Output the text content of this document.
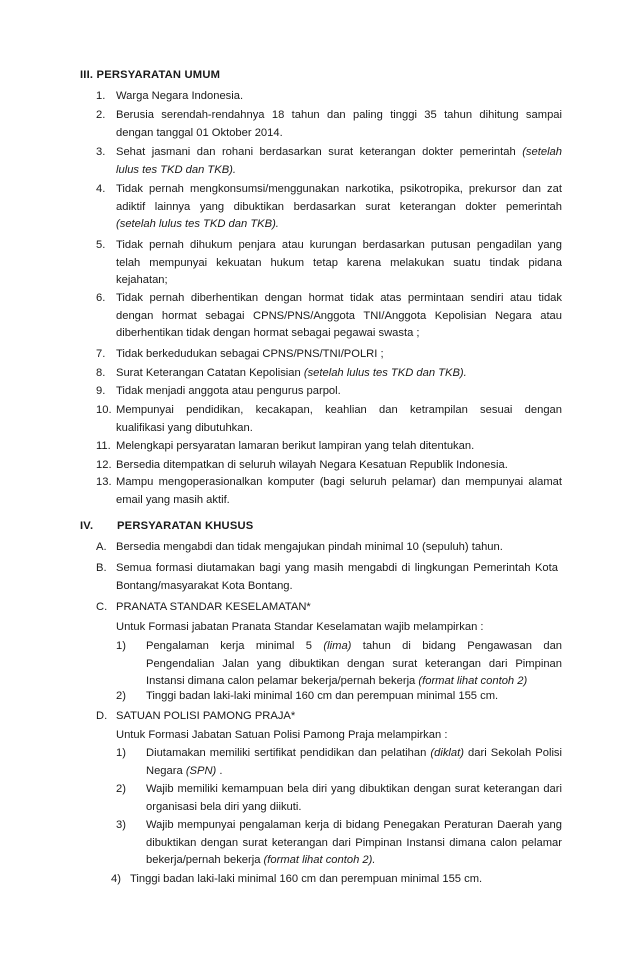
III. PERSYARATAN UMUM
1. Warga Negara Indonesia.
2. Berusia serendah-rendahnya 18 tahun dan paling tinggi 35 tahun dihitung sampai
dengan tanggal 01 Oktober 2014.
3. Sehat jasmani dan rohani berdasarkan surat keterangan dokter pemerintah (setelah
lulus tes TKD dan TKB).
4. Tidak pernah mengkonsumsi/menggunakan narkotika, psikotropika, prekursor dan zat
adiktif lainnya yang dibuktikan berdasarkan surat keterangan dokter pemerintah
(setelah lulus tes TKD dan TKB).
5. Tidak pernah dihukum penjara atau kurungan berdasarkan putusan pengadilan yang
telah mempunyai kekuatan hukum tetap karena melakukan suatu tindak pidana
kejahatan;
6. Tidak pernah diberhentikan dengan hormat tidak atas permintaan sendiri atau tidak
dengan hormat sebagai CPNS/PNS/Anggota TNI/Anggota Kepolisian Negara atau
diberhentikan tidak dengan hormat sebagai pegawai swasta ;
7. Tidak berkedudukan sebagai CPNS/PNS/TNI/POLRI ;
8. Surat Keterangan Catatan Kepolisian (setelah lulus tes TKD dan TKB).
9. Tidak menjadi anggota atau pengurus parpol.
10. Mempunyai pendidikan, kecakapan, keahlian dan ketrampilan sesuai dengan
kualifikasi yang dibutuhkan.
11. Melengkapi persyaratan lamaran berikut lampiran yang telah ditentukan.
12. Bersedia ditempatkan di seluruh wilayah Negara Kesatuan Republik Indonesia.
13. Mampu mengoperasionalkan komputer (bagi seluruh pelamar) dan mempunyai alamat
email yang masih aktif.
IV. PERSYARATAN KHUSUS
A. Bersedia mengabdi dan tidak mengajukan pindah minimal 10 (sepuluh) tahun.
B. Semua formasi diutamakan bagi yang masih mengabdi di lingkungan Pemerintah Kota
Bontang/masyarakat Kota Bontang.
C. PRANATA STANDAR KESELAMATAN*
Untuk Formasi jabatan Pranata Standar Keselamatan wajib melampirkan :
1) Pengalaman kerja minimal 5 (lima) tahun di bidang Pengawasan dan
Pengendalian Jalan yang dibuktikan dengan surat keterangan dari Pimpinan
Instansi dimana calon pelamar bekerja/pernah bekerja (format lihat contoh 2)
2) Tinggi badan laki-laki minimal 160 cm dan perempuan minimal 155 cm.
D. SATUAN POLISI PAMONG PRAJA*
Untuk Formasi Jabatan Satuan Polisi Pamong Praja melampirkan :
1) Diutamakan memiliki sertifikat pendidikan dan pelatihan (diklat) dari Sekolah Polisi
Negara (SPN) .
2) Wajib memiliki kemampuan bela diri yang dibuktikan dengan surat keterangan dari
organisasi bela diri yang diikuti.
3) Wajib mempunyai pengalaman kerja di bidang Penegakan Peraturan Daerah yang
dibuktikan dengan surat keterangan dari Pimpinan Instansi dimana calon pelamar
bekerja/pernah bekerja (format lihat contoh 2).
4) Tinggi badan laki-laki minimal 160 cm dan perempuan minimal 155 cm.
